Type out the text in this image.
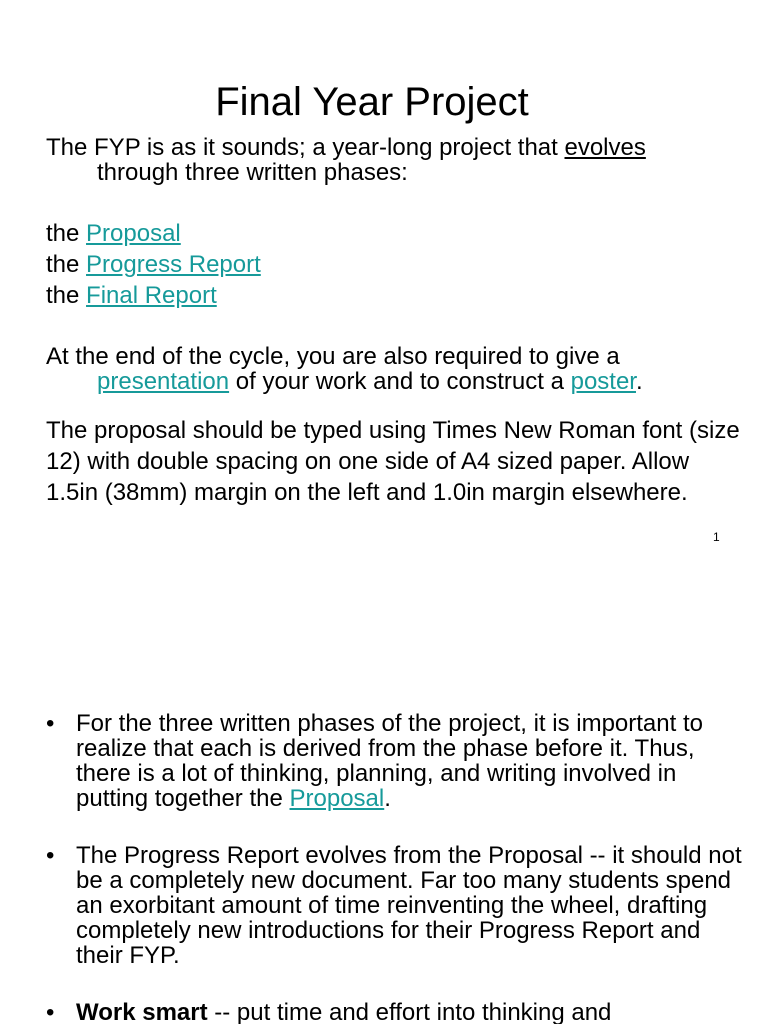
Final Year Project

The FYP is as it sounds; a year-long project that evolves
through three written phases:

the Proposal

the Progress Report

the Final Report

At the end of the cycle, you are also required to give a
presentation of your work and to construct a poster.

The proposal should be typed using Times New Roman font (size 12) with double spacing on one side of A4 sized paper. Allow 1.5in (38mm) margin on the left and 1.0in margin elsewhere.

1
• For the three written phases of the project, it is important to realize that each is derived from the phase before it. Thus, there is a lot of thinking, planning, and writing involved in putting together the Proposal.
• The Progress Report evolves from the Proposal -- it should not be a completely new document. Far too many students spend an exorbitant amount of time reinventing the wheel, drafting completely new introductions for their Progress Report and their FYP.
• Work smart -- put time and effort into thinking and
